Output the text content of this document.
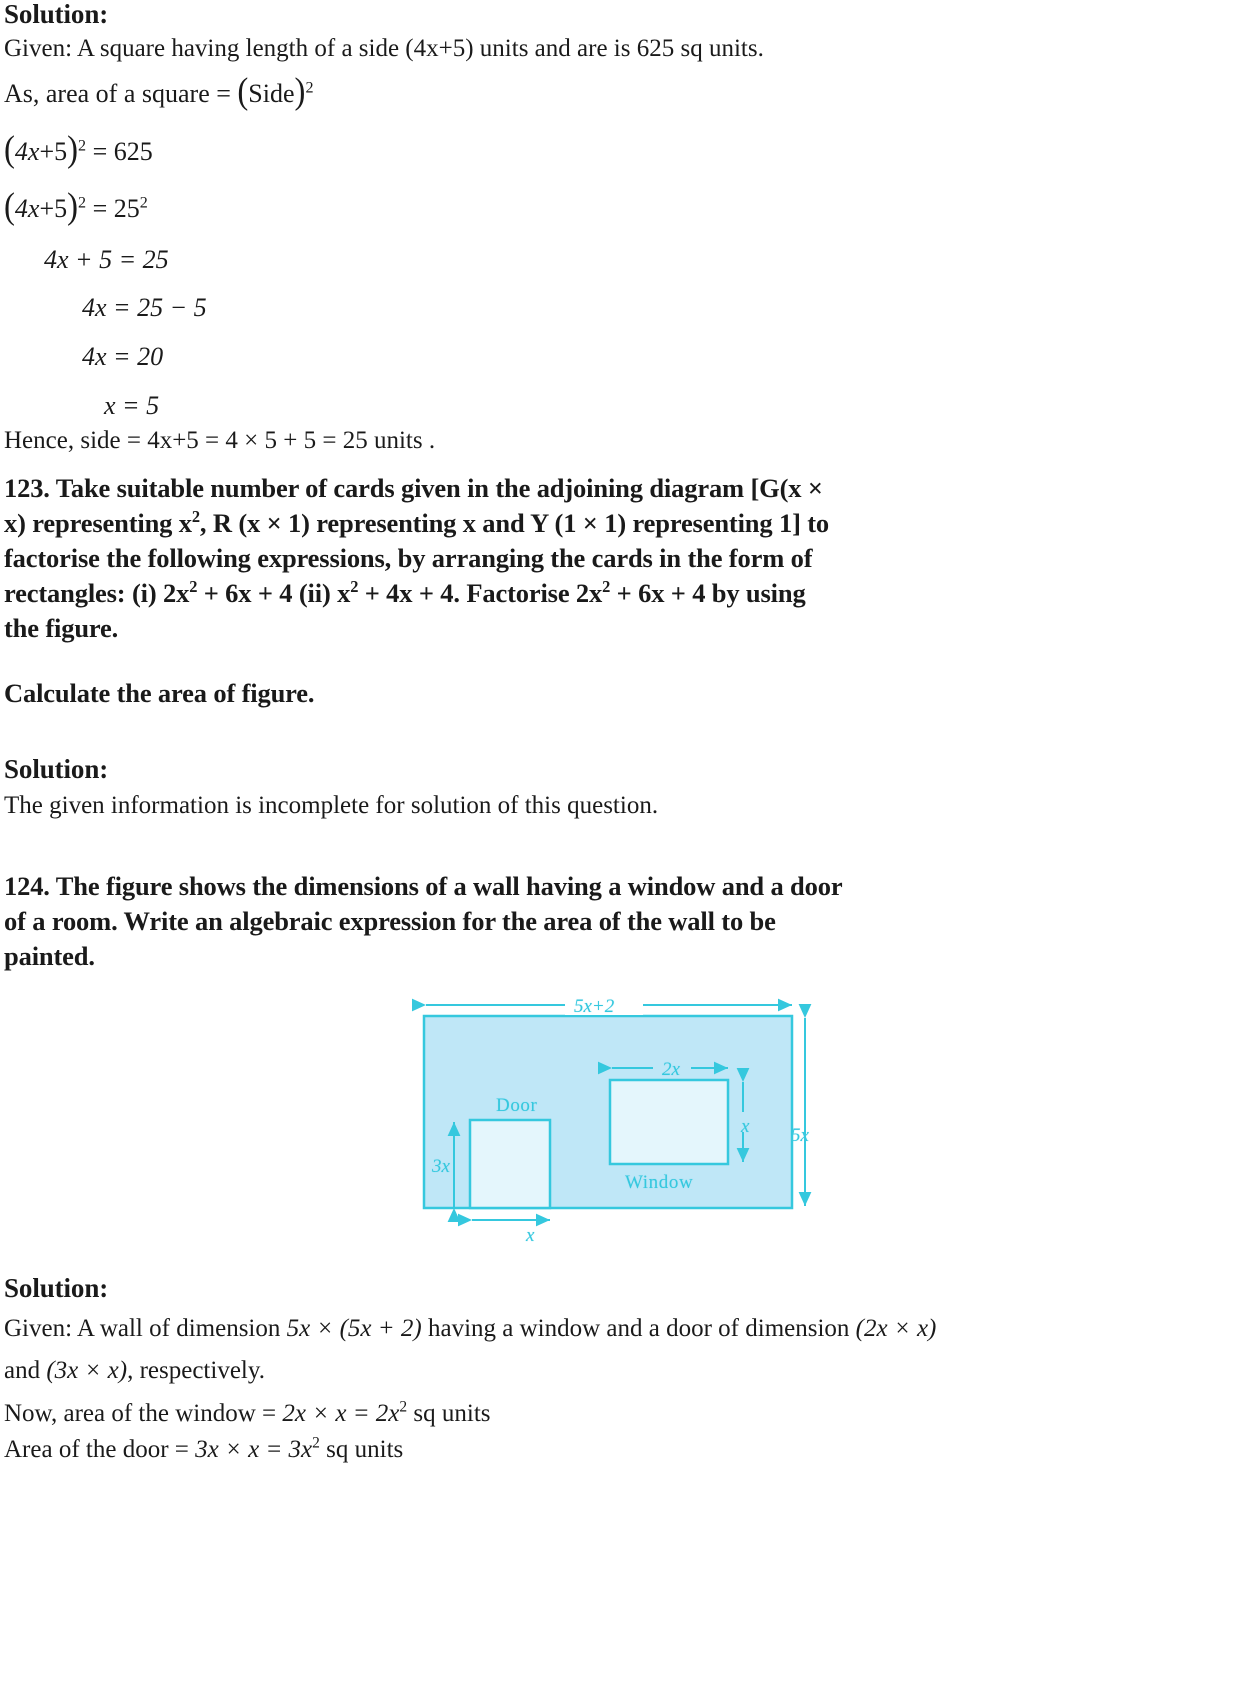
Solution:
Given: A square having length of a side (4x+5) units and are is 625 sq units.
As, area of a square = (Side)$^2$
$(4x+5)^2 = 625$
$(4x+5)^2 = 25^2$
4x + 5 = 25
4x = 25 − 5
4x = 20
x = 5
Hence, side = 4x+5 = 4 × 5 + 5 = 25 units .
123. Take suitable number of cards given in the adjoining diagram [G(x ×
x) representing $x^2$, R (x × 1) representing x and Y (1 × 1) representing 1] to
factorise the following expressions, by arranging the cards in the form of
rectangles: (i) $2x^2 + 6x + 4$ (ii) $x^2 + 4x + 4$. Factorise $2x^2 + 6x + 4$ by using
the figure.
Calculate the area of figure.
Solution:
The given information is incomplete for solution of this question.
124. The figure shows the dimensions of a wall having a window and a door
of a room. Write an algebraic expression for the area of the wall to be
painted.
5x+2
2x
Door
Window
3x
x 5x
x
Solution:
Given: A wall of dimension 5x × (5x + 2) having a window and a door of dimension (2x × x)
and (3x × x), respectively.
Now, area of the window = $2x \times x = 2x^2$ sq units
Area of the door = $3x \times x = 3x^2$ sq units
